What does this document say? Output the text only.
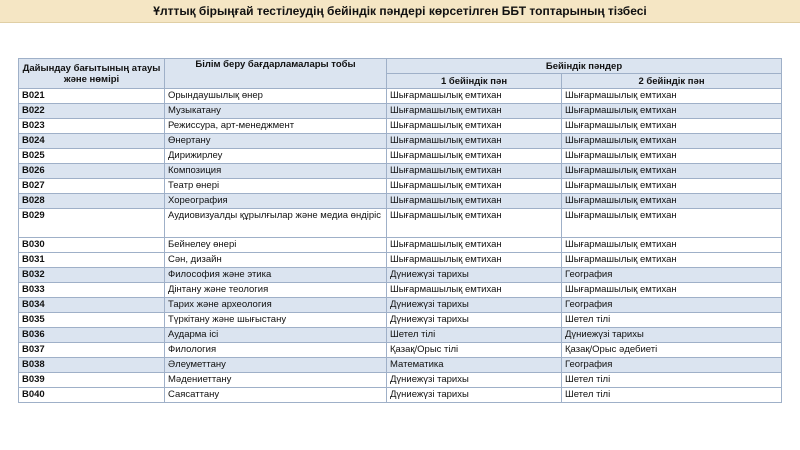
Ұлттық бірыңғай тестілеудің бейіндік пәндері көрсетілген ББТ топтарының тізбесі
Дайындау бағытының атауы және нөмірі	Білім беру бағдарламалары тобы	Бейіндік пәндер	
		1 бейіндік пән	2 бейіндік пән
B021	Орындаушылық өнер	Шығармашылық емтихан	Шығармашылық емтихан
B022	Музыкатану	Шығармашылық емтихан	Шығармашылық емтихан
B023	Режиссура, арт-менеджмент	Шығармашылық емтихан	Шығармашылық емтихан
B024	Өнертану	Шығармашылық емтихан	Шығармашылық емтихан
B025	Дирижирлеу	Шығармашылық емтихан	Шығармашылық емтихан
B026	Композиция	Шығармашылық емтихан	Шығармашылық емтихан
B027	Театр өнері	Шығармашылық емтихан	Шығармашылық емтихан
B028	Хореография	Шығармашылық емтихан	Шығармашылық емтихан
B029	Аудиовизуалды құрылғылар және медиа өндіріс	Шығармашылық емтихан	Шығармашылық емтихан
B030	Бейнелеу өнері	Шығармашылық емтихан	Шығармашылық емтихан
B031	Сән, дизайн	Шығармашылық емтихан	Шығармашылық емтихан
B032	Философия және этика	Дүниежүзі тарихы	География
B033	Дінтану және теология	Шығармашылық емтихан	Шығармашылық емтихан
B034	Тарих және археология	Дүниежүзі тарихы	География
B035	Түркітану және шығыстану	Дүниежүзі тарихы	Шетел тілі
B036	Аударма ісі	Шетел тілі	Дүниежүзі тарихы
B037	Филология	Қазақ/Орыс тілі	Қазақ/Орыс әдебиеті
B038	Әлеуметтану	Математика	География
B039	Мәдениеттану	Дүниежүзі тарихы	Шетел тілі
B040	Саясаттану	Дүниежүзі тарихы	Шетел тілі
